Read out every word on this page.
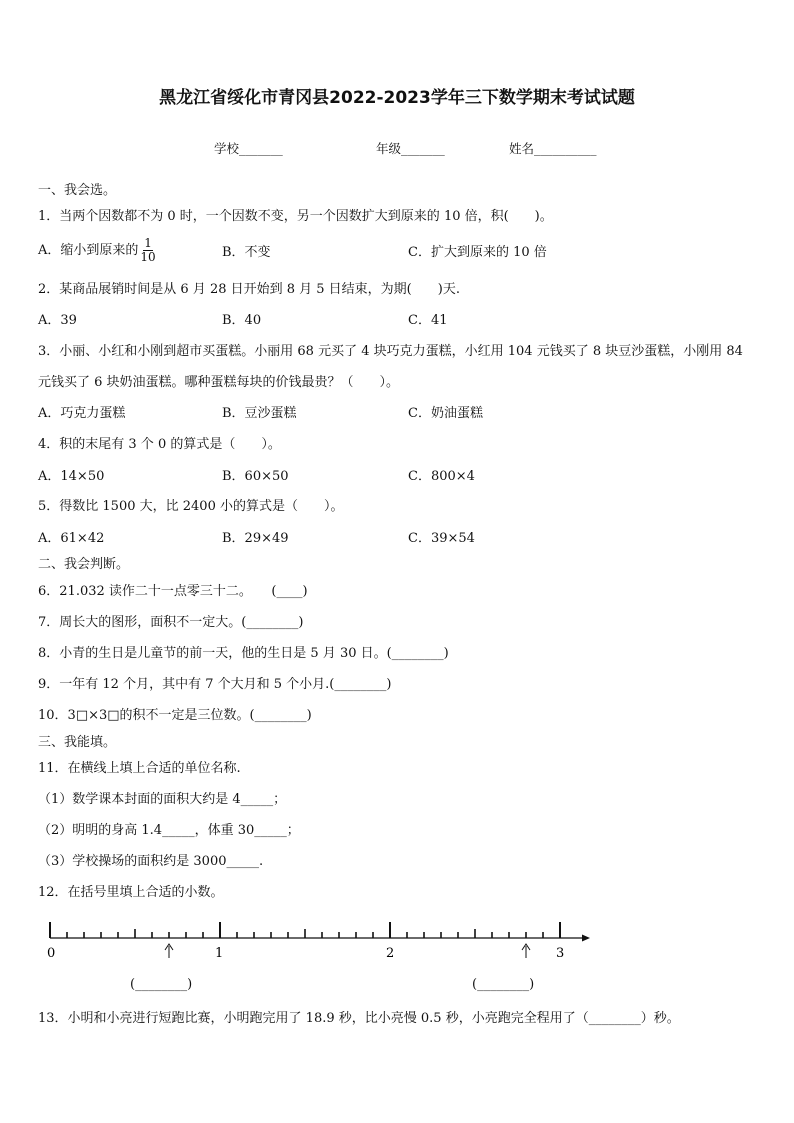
黑龙江省绥化市青冈县2022-2023学年三下数学期末考试试题
学校_______	年级_______	姓名__________
一、我会选。
1．当两个因数都不为 0 时，一个因数不变，另一个因数扩大到原来的 10 倍，积(　　)。
A．缩小到原来的 $\frac{1}{10}$	B．不变	C．扩大到原来的 10 倍
2．某商品展销时间是从 6 月 28 日开始到 8 月 5 日结束，为期(　　)天.
A．39	B．40	C．41
3．小丽、小红和小刚到超市买蛋糕。小丽用 68 元买了 4 块巧克力蛋糕，小红用 104 元钱买了 8 块豆沙蛋糕，小刚用 84
元钱买了 6 块奶油蛋糕。哪种蛋糕每块的价钱最贵？（　　）。
A．巧克力蛋糕	B．豆沙蛋糕	C．奶油蛋糕
4．积的末尾有 3 个 0 的算式是（　　）。
A．14×50	B．60×50	C．800×4
5．得数比 1500 大，比 2400 小的算式是（　　）。
A．61×42	B．29×49	C．39×54
二、我会判断。
6．21.032 读作二十一点零三十二。　　(____)
7．周长大的图形，面积不一定大。(________)
8．小青的生日是儿童节的前一天，他的生日是 5 月 30 日。(________)
9．一年有 12 个月，其中有 7 个大月和 5 个小月.(________)
10．3□×3□的积不一定是三位数。(________)
三、我能填。
11．在横线上填上合适的单位名称.
（1）数学课本封面的面积大约是 4_____；
（2）明明的身高 1.4_____，体重 30_____；
（3）学校操场的面积约是 3000_____.
12．在括号里填上合适的小数。
0	1	2	3
(________)	(________)
13．小明和小亮进行短跑比赛，小明跑完用了 18.9 秒，比小亮慢 0.5 秒，小亮跑完全程用了（________）秒。
